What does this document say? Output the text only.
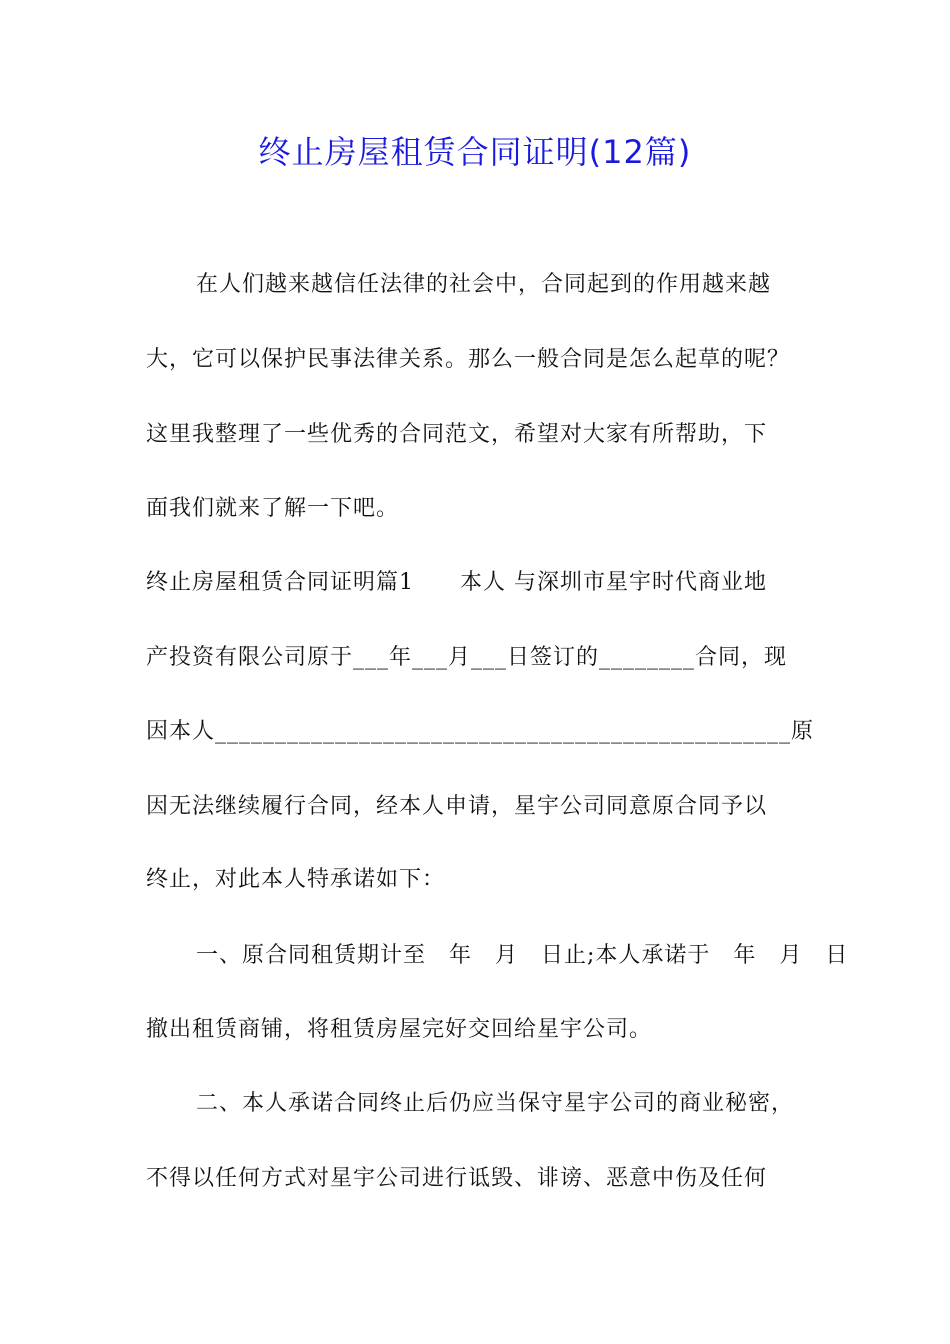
终止房屋租赁合同证明(12篇)
在人们越来越信任法律的社会中，合同起到的作用越来越
大，它可以保护民事法律关系。那么一般合同是怎么起草的呢？
这里我整理了一些优秀的合同范文，希望对大家有所帮助，下
面我们就来了解一下吧。
终止房屋租赁合同证明篇1　　本人 与深圳市星宇时代商业地
产投资有限公司原于___年___月___日签订的________合同，现
因本人________________________________________________原
因无法继续履行合同，经本人申请，星宇公司同意原合同予以
终止，对此本人特承诺如下：
一、原合同租赁期计至　年　月　日止;本人承诺于　年　月　日
撤出租赁商铺，将租赁房屋完好交回给星宇公司。
二、本人承诺合同终止后仍应当保守星宇公司的商业秘密，
不得以任何方式对星宇公司进行诋毁、诽谤、恶意中伤及任何
